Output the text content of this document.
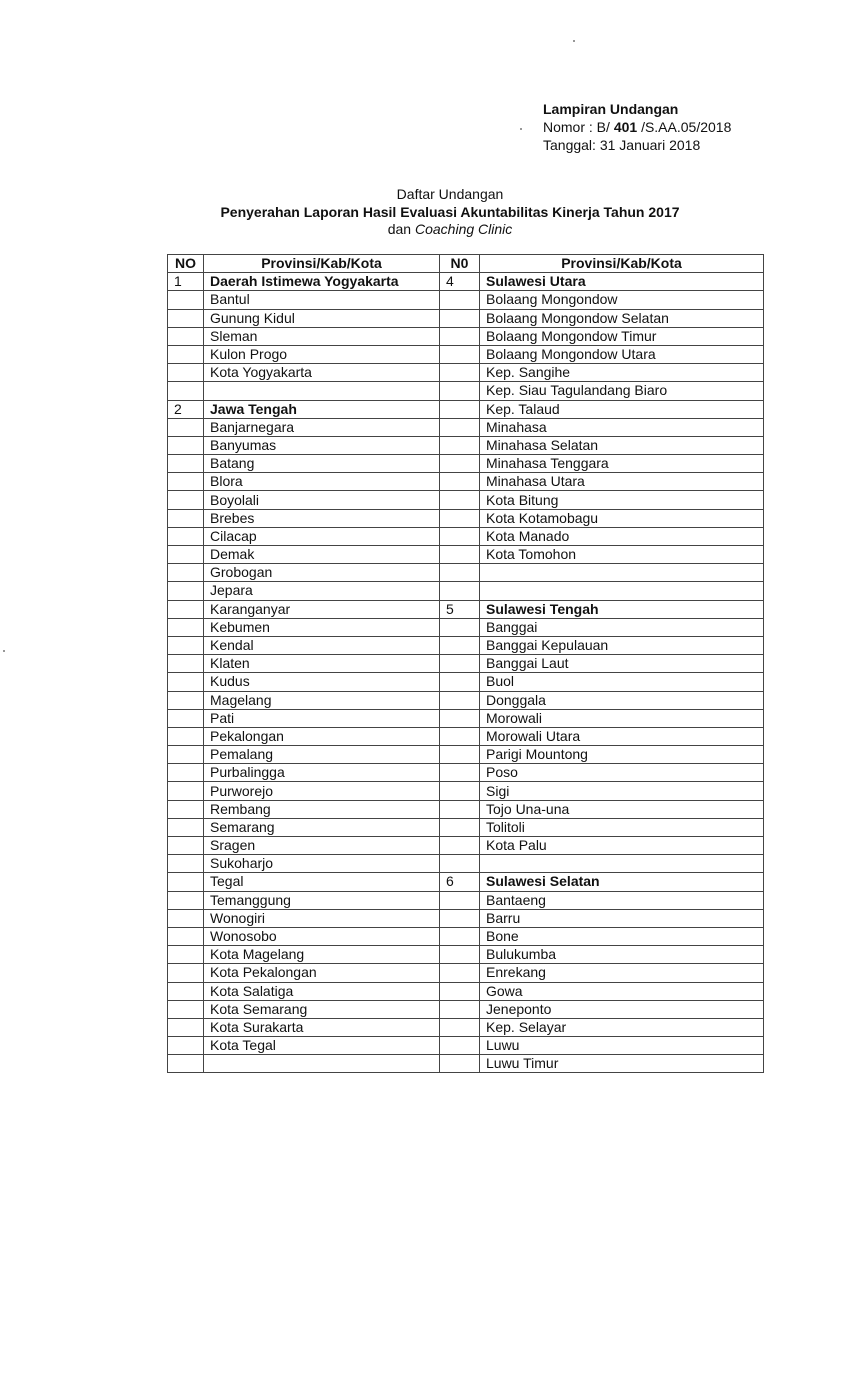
Lampiran Undangan
Nomor : B/ 401 /S.AA.05/2018
Tanggal: 31 Januari 2018
Daftar Undangan
Penyerahan Laporan Hasil Evaluasi Akuntabilitas Kinerja Tahun 2017
dan Coaching Clinic
NO	Provinsi/Kab/Kota	N0	Provinsi/Kab/Kota
1	Daerah Istimewa Yogyakarta	4	Sulawesi Utara
	Bantul		Bolaang Mongondow
	Gunung Kidul		Bolaang Mongondow Selatan
	Sleman		Bolaang Mongondow Timur
	Kulon Progo		Bolaang Mongondow Utara
	Kota Yogyakarta		Kep. Sangihe
			Kep. Siau Tagulandang Biaro
2	Jawa Tengah		Kep. Talaud
	Banjarnegara		Minahasa
	Banyumas		Minahasa Selatan
	Batang		Minahasa Tenggara
	Blora		Minahasa Utara
	Boyolali		Kota Bitung
	Brebes		Kota Kotamobagu
	Cilacap		Kota Manado
	Demak		Kota Tomohon
	Grobogan		
	Jepara		
	Karanganyar	5	Sulawesi Tengah
	Kebumen		Banggai
	Kendal		Banggai Kepulauan
	Klaten		Banggai Laut
	Kudus		Buol
	Magelang		Donggala
	Pati		Morowali
	Pekalongan		Morowali Utara
	Pemalang		Parigi Mountong
	Purbalingga		Poso
	Purworejo		Sigi
	Rembang		Tojo Una-una
	Semarang		Tolitoli
	Sragen		Kota Palu
	Sukoharjo		
	Tegal	6	Sulawesi Selatan
	Temanggung		Bantaeng
	Wonogiri		Barru
	Wonosobo		Bone
	Kota Magelang		Bulukumba
	Kota Pekalongan		Enrekang
	Kota Salatiga		Gowa
	Kota Semarang		Jeneponto
	Kota Surakarta		Kep. Selayar
	Kota Tegal		Luwu
			Luwu Timur
